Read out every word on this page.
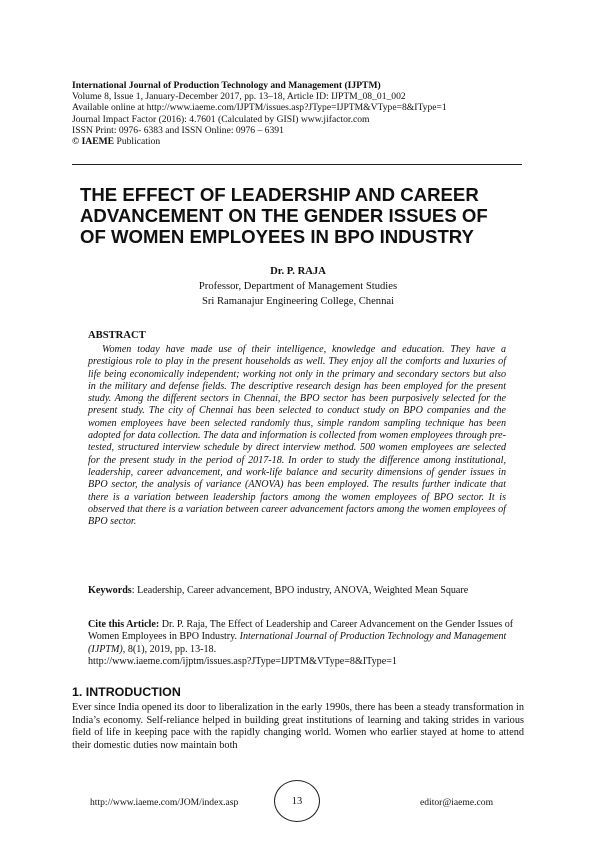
International Journal of Production Technology and Management (IJPTM)
Volume 8, Issue 1, January-December 2017, pp. 13–18, Article ID: IJPTM_08_01_002
Available online at http://www.iaeme.com/IJPTM/issues.asp?JType=IJPTM&VType=8&IType=1
Journal Impact Factor (2016): 4.7601 (Calculated by GISI) www.jifactor.com
ISSN Print: 0976- 6383 and ISSN Online: 0976 – 6391
© IAEME Publication
THE EFFECT OF LEADERSHIP AND CAREER
ADVANCEMENT ON THE GENDER ISSUES OF
OF WOMEN EMPLOYEES IN BPO INDUSTRY
Dr. P. RAJA
Professor, Department of Management Studies
Sri Ramanajur Engineering College, Chennai
ABSTRACT
Women today have made use of their intelligence, knowledge and education. They have a prestigious role to play in the present households as well. They enjoy all the comforts and luxuries of life being economically independent; working not only in the primary and secondary sectors but also in the military and defense fields. The descriptive research design has been employed for the present study. Among the different sectors in Chennai, the BPO sector has been purposively selected for the present study. The city of Chennai has been selected to conduct study on BPO companies and the women employees have been selected randomly thus, simple random sampling technique has been adopted for data collection. The data and information is collected from women employees through pre-tested, structured interview schedule by direct interview method. 500 women employees are selected for the present study in the period of 2017-18. In order to study the difference among institutional, leadership, career advancement, and work-life balance and security dimensions of gender issues in BPO sector, the analysis of variance (ANOVA) has been employed. The results further indicate that there is a variation between leadership factors among the women employees of BPO sector. It is observed that there is a variation between career advancement factors among the women employees of BPO sector.
Keywords: Leadership, Career advancement, BPO industry, ANOVA, Weighted Mean Square
Cite this Article: Dr. P. Raja, The Effect of Leadership and Career Advancement on the Gender Issues of Women Employees in BPO Industry. International Journal of Production Technology and Management (IJPTM), 8(1), 2019, pp. 13-18.
http://www.iaeme.com/ijptm/issues.asp?JType=IJPTM&VType=8&IType=1
1. INTRODUCTION
Ever since India opened its door to liberalization in the early 1990s, there has been a steady transformation in India’s economy. Self-reliance helped in building great institutions of learning and taking strides in various field of life in keeping pace with the rapidly changing world. Women who earlier stayed at home to attend their domestic duties now maintain both
http://www.iaeme.com/JOM/index.asp	13	editor@iaeme.com
